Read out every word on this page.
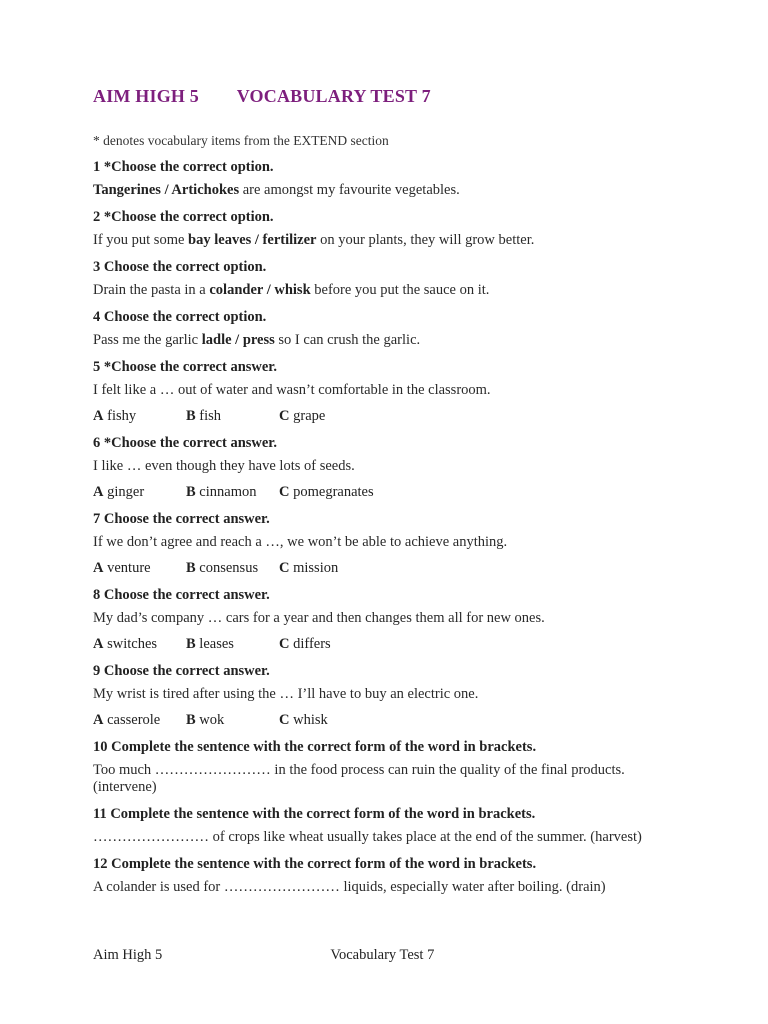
AIM HIGH 5 VOCABULARY TEST 7
* denotes vocabulary items from the EXTEND section
1 *Choose the correct option.
Tangerines / Artichokes are amongst my favourite vegetables.
2 *Choose the correct option.
If you put some bay leaves / fertilizer on your plants, they will grow better.
3 Choose the correct option.
Drain the pasta in a colander / whisk before you put the sauce on it.
4 Choose the correct option.
Pass me the garlic ladle / press so I can crush the garlic.
5 *Choose the correct answer.
I felt like a … out of water and wasn’t comfortable in the classroom.
A fishy	B fish	C grape
6 *Choose the correct answer.
I like … even though they have lots of seeds.
A ginger	B cinnamon	C pomegranates
7 Choose the correct answer.
If we don’t agree and reach a …, we won’t be able to achieve anything.
A venture	B consensus	C mission
8 Choose the correct answer.
My dad’s company … cars for a year and then changes them all for new ones.
A switches	B leases	C differs
9 Choose the correct answer.
My wrist is tired after using the … I’ll have to buy an electric one.
A casserole	B wok	C whisk
10 Complete the sentence with the correct form of the word in brackets.
Too much …………………… in the food process can ruin the quality of the final products. (intervene)
11 Complete the sentence with the correct form of the word in brackets.
…………………… of crops like wheat usually takes place at the end of the summer. (harvest)
12 Complete the sentence with the correct form of the word in brackets.
A colander is used for …………………… liquids, especially water after boiling. (drain)
Aim High 5	Vocabulary Test 7
